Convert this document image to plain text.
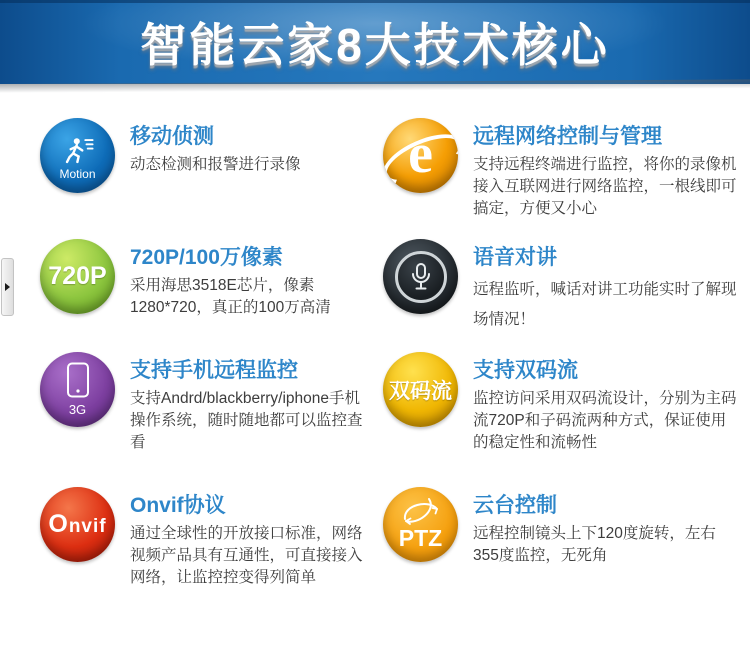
智能云家8大技术核心
Motion
移动侦测
动态检测和报警进行录像
720P
720P/100万像素
采用海思3518E芯片，像素1280*720，真正的100万高清
3G
支持手机远程监控
支持Andrd/blackberry/iphone手机操作系统，随时随地都可以监控查看
Onvif
Onvif协议
通过全球性的开放接口标准，网络视频产品具有互通性，可直接接入网络，让监控控变得列简单
e 远程网络控制与管理
支持远程终端进行监控，将你的录像机接入互联网进行网络监控，一根线即可搞定，方便又小心
语音对讲
远程监听，喊话对讲工功能实时了解现场情况！
双码流
支持双码流
监控访问采用双码流设计，分别为主码流720P和子码流两种方式，保证使用的稳定性和流畅性
PTZ
云台控制
远程控制镜头上下120度旋转，左右355度监控，无死角
